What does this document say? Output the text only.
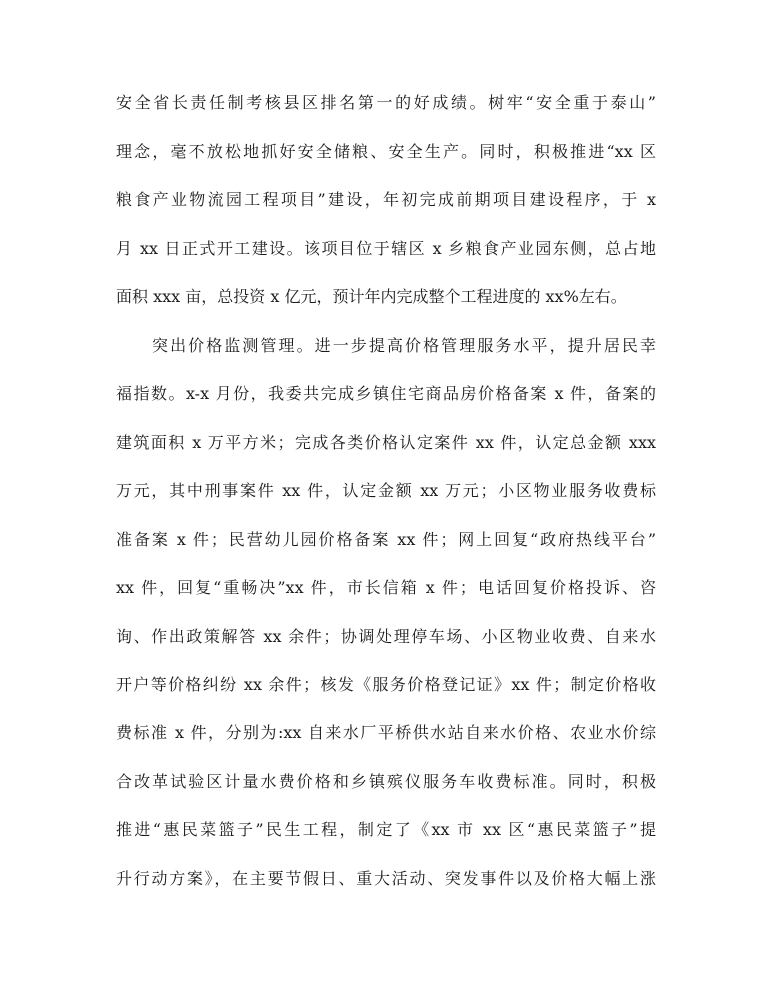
安全省长责任制考核县区排名第一的好成绩。树牢“安全重于泰山”
理念，毫不放松地抓好安全储粮、安全生产。同时，积极推进“xx 区
粮食产业物流园工程项目”建设，年初完成前期项目建设程序，于 x
月 xx 日正式开工建设。该项目位于辖区 x 乡粮食产业园东侧，总占地
面积 xxx 亩，总投资 x 亿元，预计年内完成整个工程进度的 xx%左右。
突出价格监测管理。进一步提高价格管理服务水平，提升居民幸
福指数。x-x 月份，我委共完成乡镇住宅商品房价格备案 x 件，备案的
建筑面积 x 万平方米；完成各类价格认定案件 xx 件，认定总金额 xxx
万元，其中刑事案件 xx 件，认定金额 xx 万元；小区物业服务收费标
准备案 x 件；民营幼儿园价格备案 xx 件；网上回复“政府热线平台”
xx 件，回复“重畅决”xx 件，市长信箱 x 件；电话回复价格投诉、咨
询、作出政策解答 xx 余件；协调处理停车场、小区物业收费、自来水
开户等价格纠纷 xx 余件；核发《服务价格登记证》xx 件；制定价格收
费标准 x 件，分别为:xx 自来水厂平桥供水站自来水价格、农业水价综
合改革试验区计量水费价格和乡镇殡仪服务车收费标准。同时，积极
推进“惠民菜篮子”民生工程，制定了《xx 市 xx 区“惠民菜篮子”提
升行动方案》，在主要节假日、重大活动、突发事件以及价格大幅上涨
